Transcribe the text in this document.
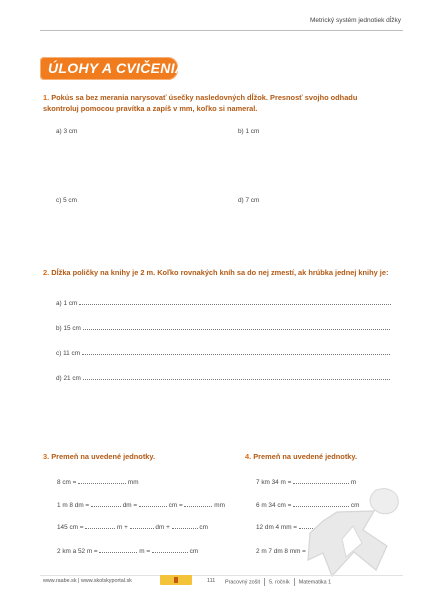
Metrický systém jednotiek dĺžky
ÚLOHY A CVIČENIA
1. Pokús sa bez merania narysovať úsečky nasledovných dĺžok. Presnosť svojho odhadu skontroluj pomocou pravítka a zapíš v mm, koľko si nameral.
a) 3 cm	b) 1 cm
c) 5 cm	d) 7 cm
2. Dĺžka poličky na knihy je 2 m. Koľko rovnakých kníh sa do nej zmestí, ak hrúbka jednej knihy je:
a) 1 cm
b) 15 cm
c) 11 cm
d) 21 cm
3. Premeň na uvedené jednotky.
8 cm =	mm
1 m 8 dm =	dm =	cm =	mm
145 cm =	m +	dm +	cm
2 km a 52 m =	m =	cm
4. Premeň na uvedené jednotky.
7 km 34 m =	m
6 m 34 cm =	cm
12 dm 4 mm =
2 m 7 dm 8 mm =
www.raabe.sk | www.skolskyportal.sk	111 Pracovný zošit 5. ročník Matematika 1
